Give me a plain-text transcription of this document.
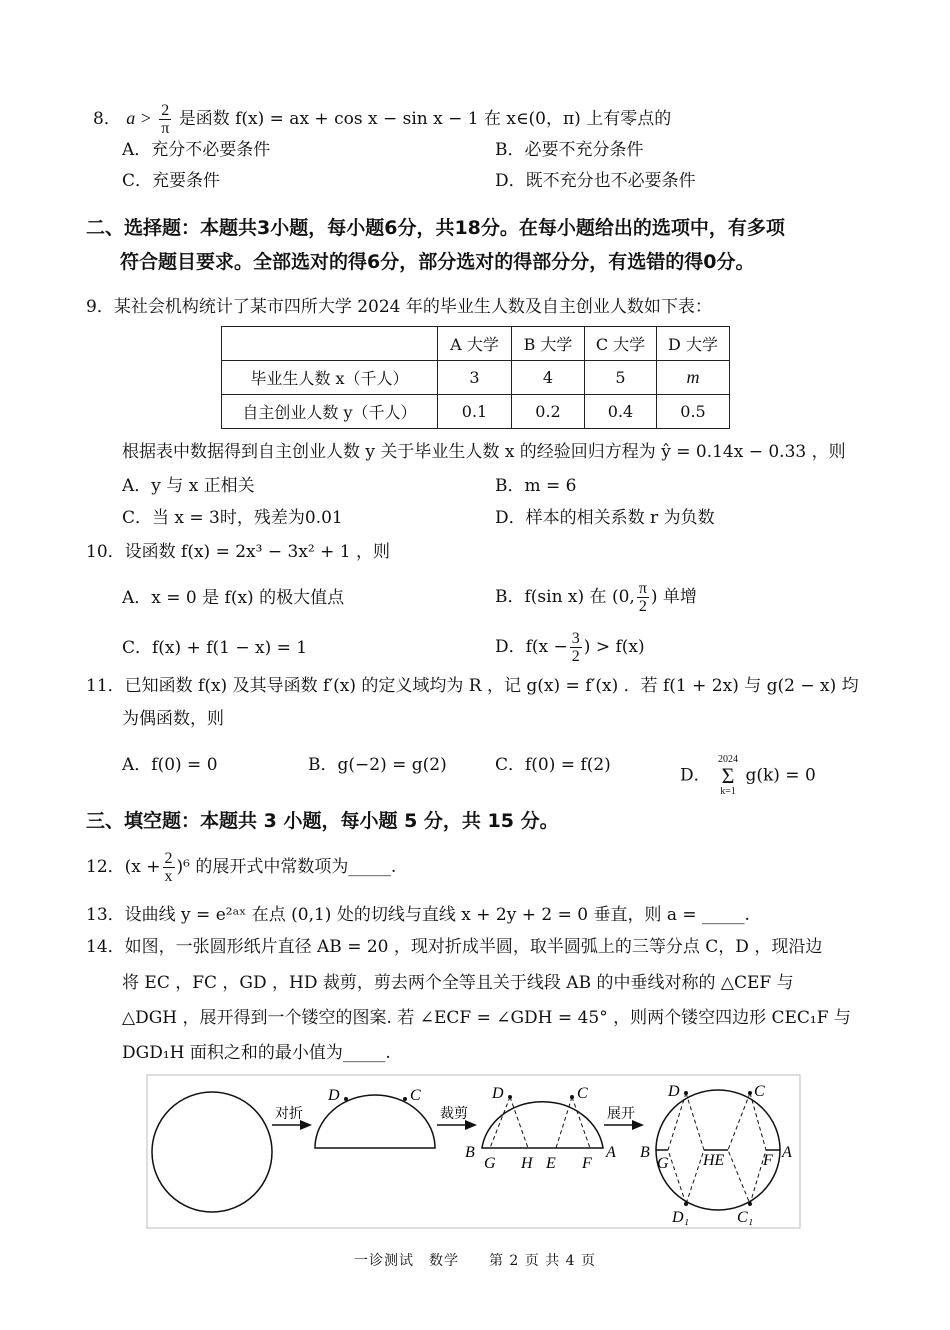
8． $a > \frac{2}{\pi}$ 是函数 f(x) = ax + cos x − sin x − 1 在 x∈(0，π) 上有零点的
A．充分不必要条件	B．必要不充分条件
C．充要条件	D．既不充分也不必要条件
二、选择题：本题共3小题，每小题6分，共18分。在每小题给出的选项中，有多项
符合题目要求。全部选对的得6分，部分选对的得部分分，有选错的得0分。
9．某社会机构统计了某市四所大学 2024 年的毕业生人数及自主创业人数如下表：
	A 大学	B 大学	C 大学	D 大学
毕业生人数 x（千人）	3	4	5	m
自主创业人数 y（千人）	0.1	0.2	0.4	0.5
根据表中数据得到自主创业人数 y 关于毕业生人数 x 的经验回归方程为 ŷ = 0.14x − 0.33 ，则
A．y 与 x 正相关	B．m = 6
C．当 x = 3时，残差为0.01	D．样本的相关系数 r 为负数
10．设函数 f(x) = 2x³ − 3x² + 1 ，则
A．x = 0 是 f(x) 的极大值点	B．f(sin x) 在 (0, $\frac{\pi}{2}$ ) 单增
C．f(x) + f(1 − x) = 1	D．$f(x - \frac{3}{2}$ ) > f(x)
11．已知函数 f(x) 及其导函数 f′(x) 的定义域均为 R ，记 g(x) = f′(x) ．若 f(1 + 2x) 与 g(2 − x) 均
为偶函数，则
A．f(0) = 0	B．g(−2) = g(2)	C．f(0) = f(2)
D．
2024
Σ
k=1
g(k) = 0
三、填空题：本题共 3 小题，每小题 5 分，共 15 分。
12．$(x + \frac{2}{x} )^6$ 的展开式中常数项为_____.
13．设曲线 y = e²ᵃˣ 在点 (0,1) 处的切线与直线 x + 2y + 2 = 0 垂直，则 a = _____.
14．如图，一张圆形纸片直径 AB = 20 ，现对折成半圆，取半圆弧上的三等分点 C，D ，现沿边
将 EC ，FC ，GD ，HD 裁剪，剪去两个全等且关于线段 AB 的中垂线对称的 △CEF 与
△DGH ，展开得到一个镂空的图案. 若 ∠ECF = ∠GDH = 45° ，则两个镂空四边形 CEC₁F 与
DGD₁H 面积之和的最小值为_____.
对折	裁剪	展开
D	C	D	C
B	A
G H E F
D	C
B	A
G HE F
D₁	C₁
一诊测试　数学　　第 2 页 共 4 页
